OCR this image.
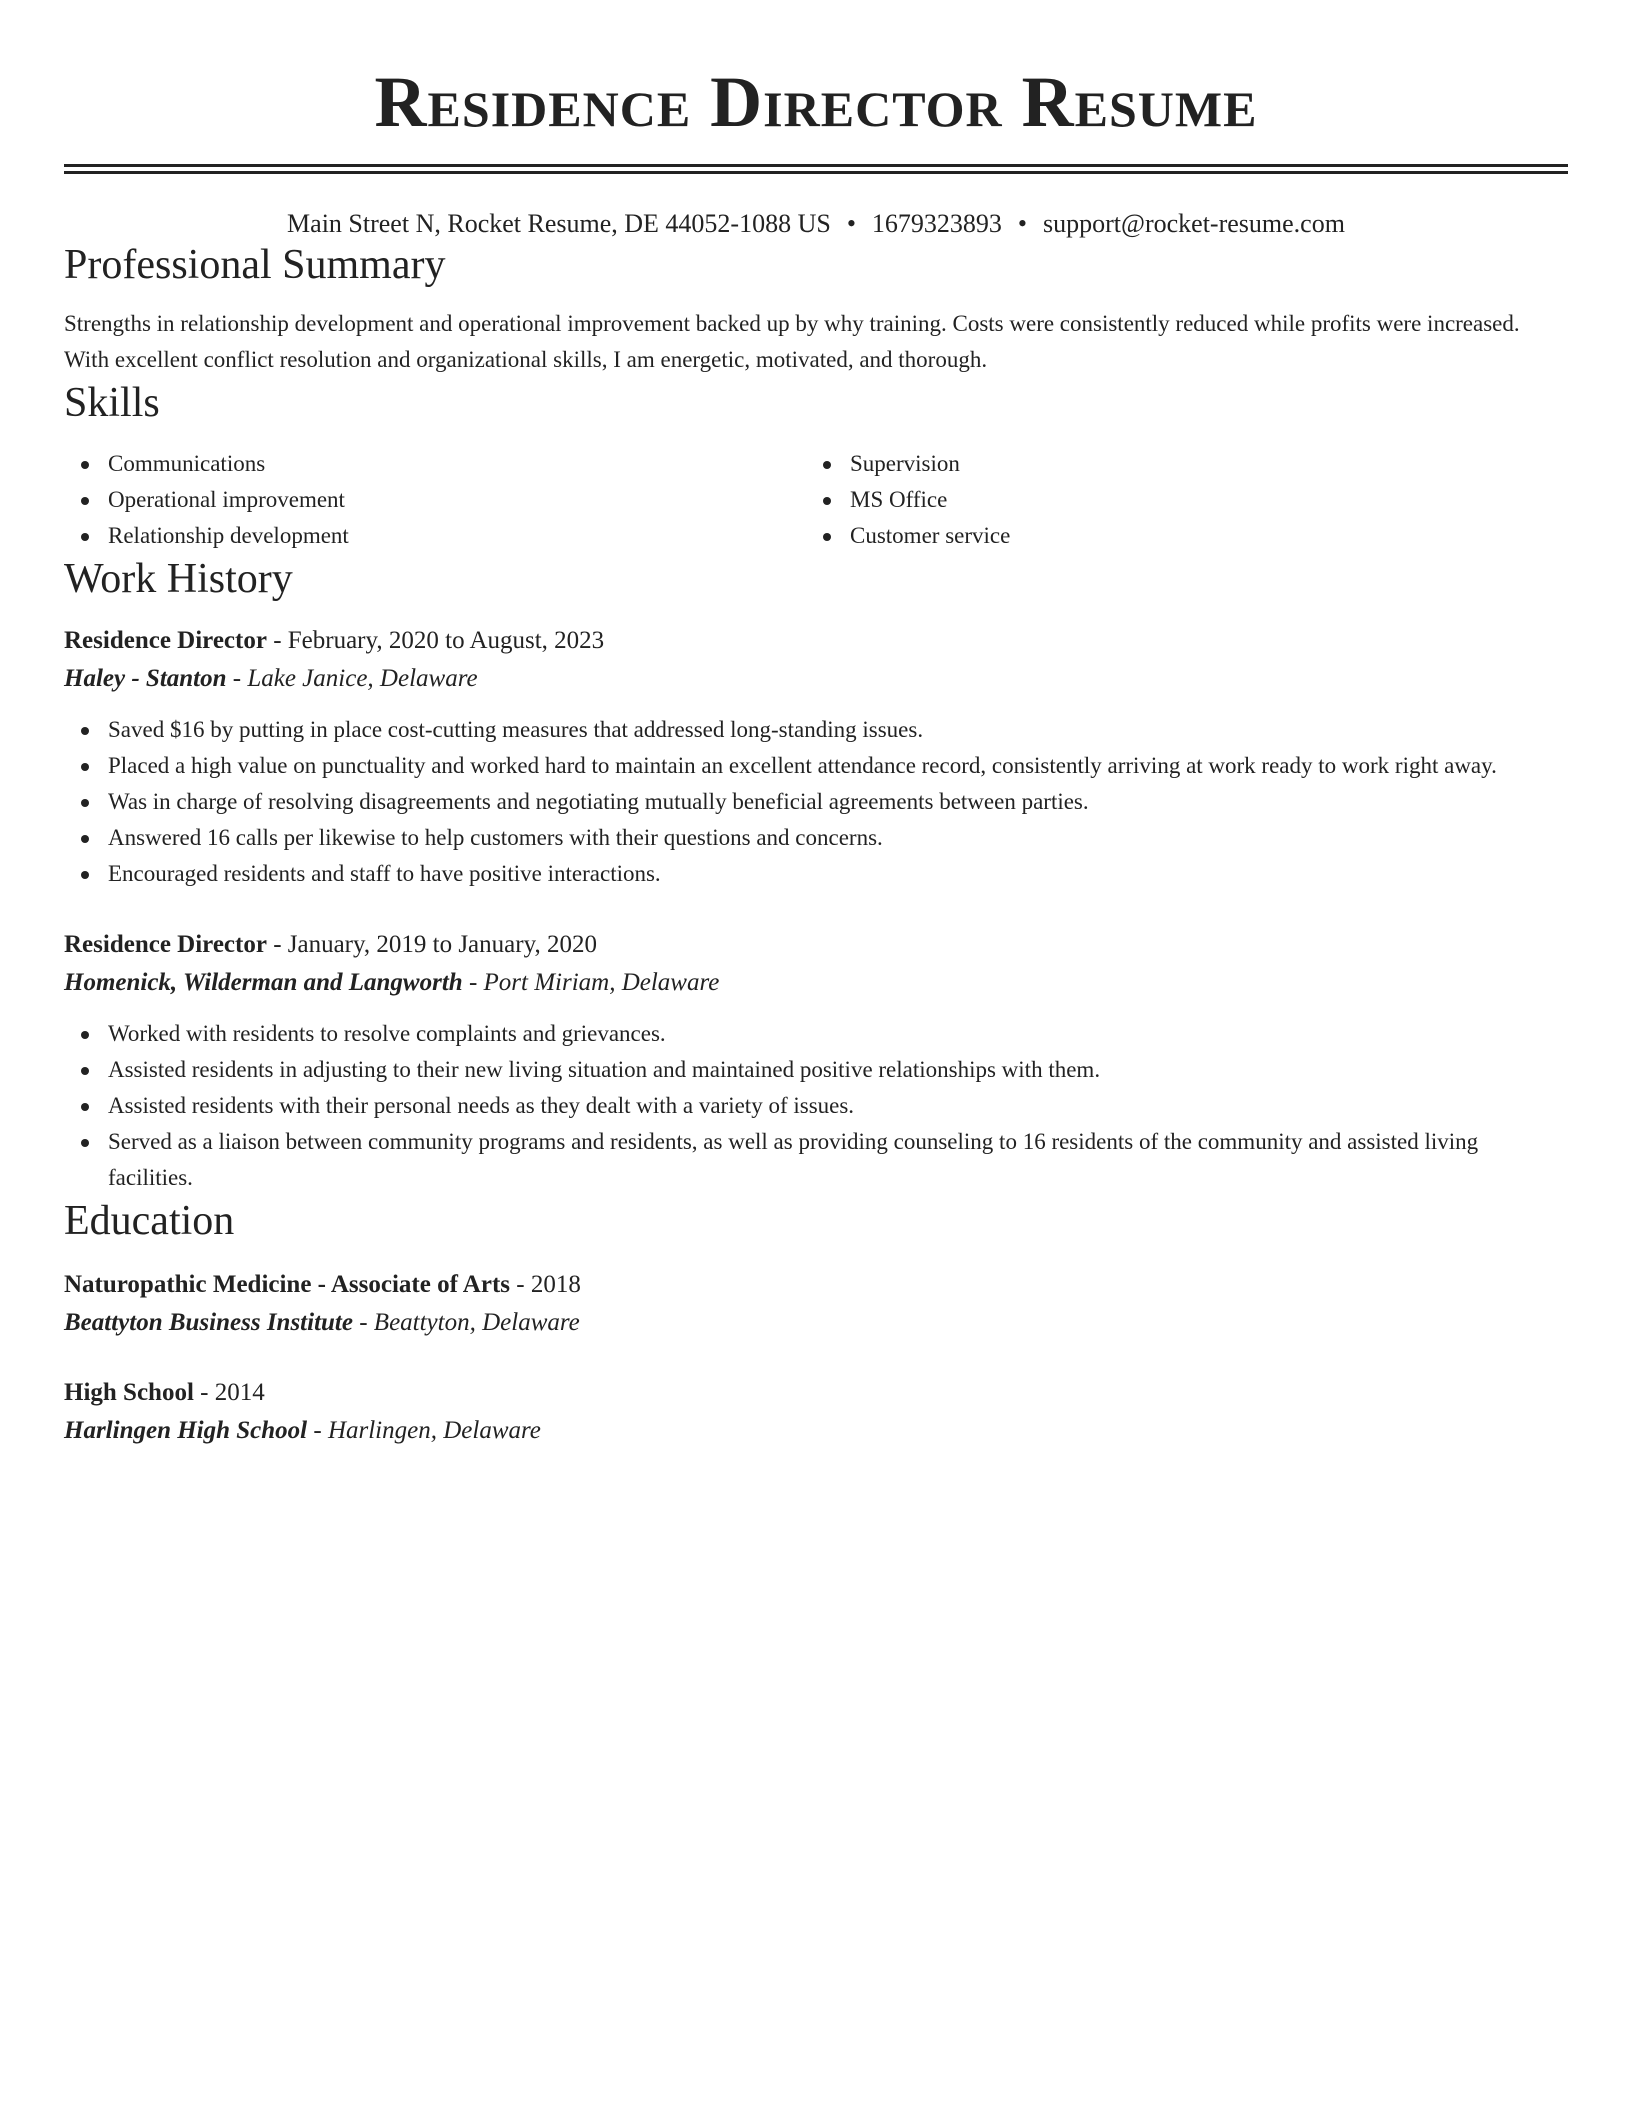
Residence Director Resume
Main Street N, Rocket Resume, DE 44052-1088 US • 1679323893 • support@rocket-resume.com
Professional Summary

Strengths in relationship development and operational improvement backed up by why training. Costs were consistently reduced while profits were increased. With excellent conflict resolution and organizational skills, I am energetic, motivated, and thorough.

Skills
Communications
Operational improvement
Relationship development
Supervision
MS Office
Customer service
Work History
Residence Director - February, 2020 to August, 2023
Haley - Stanton - Lake Janice, Delaware
Saved $16 by putting in place cost-cutting measures that addressed long-standing issues.
Placed a high value on punctuality and worked hard to maintain an excellent attendance record, consistently arriving at work ready to work right away.
Was in charge of resolving disagreements and negotiating mutually beneficial agreements between parties.
Answered 16 calls per likewise to help customers with their questions and concerns.
Encouraged residents and staff to have positive interactions.
Residence Director - January, 2019 to January, 2020
Homenick, Wilderman and Langworth - Port Miriam, Delaware
Worked with residents to resolve complaints and grievances.
Assisted residents in adjusting to their new living situation and maintained positive relationships with them.
Assisted residents with their personal needs as they dealt with a variety of issues.
Served as a liaison between community programs and residents, as well as providing counseling to 16 residents of the community and assisted living facilities.
Education
Naturopathic Medicine - Associate of Arts - 2018
Beattyton Business Institute - Beattyton, Delaware
High School - 2014
Harlingen High School - Harlingen, Delaware
